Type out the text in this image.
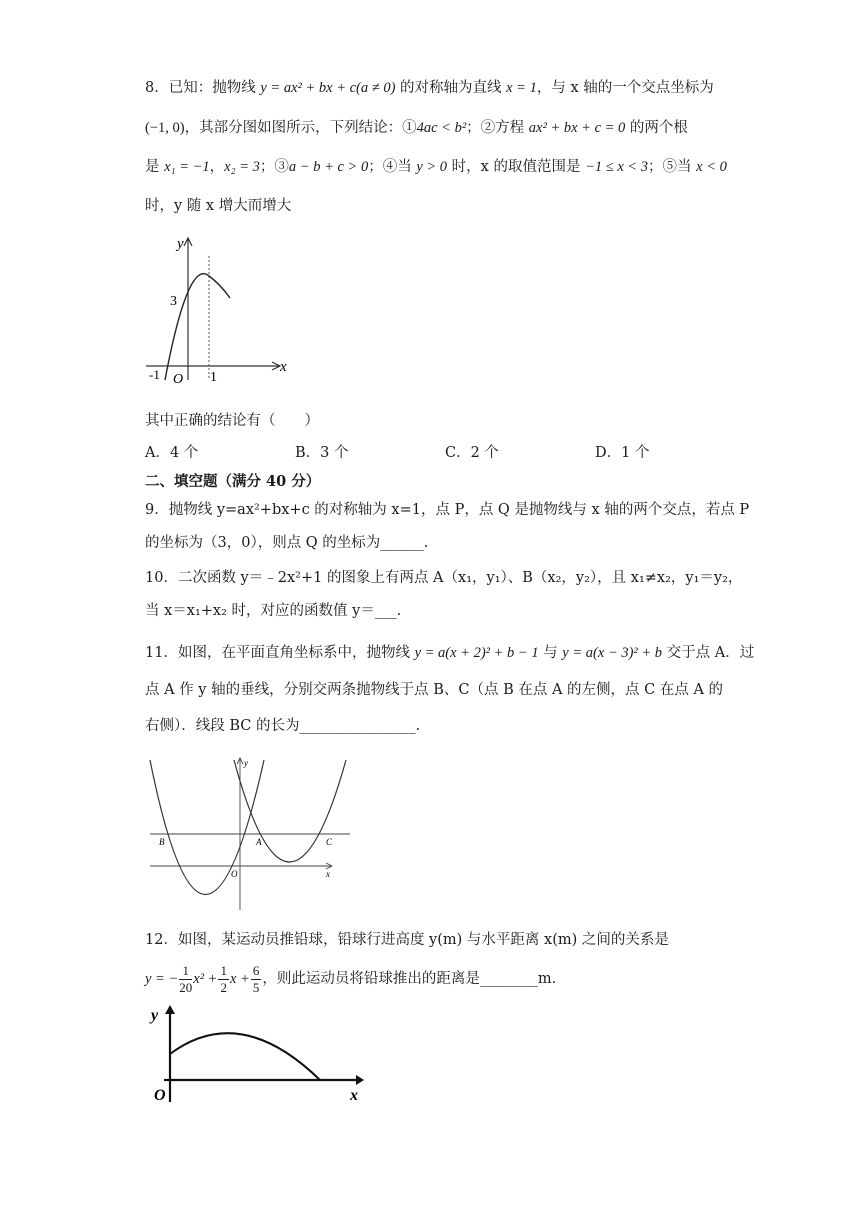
8．已知：抛物线 y = ax² + bx + c(a ≠ 0) 的对称轴为直线 x = 1，与 x 轴的一个交点坐标为
(−1, 0)，其部分图如图所示，下列结论：①4ac < b²；②方程 ax² + bx + c = 0 的两个根
是 x₁ = −1，x₂ = 3；③a − b + c > 0；④当 y > 0 时，x 的取值范围是 −1 ≤ x < 3；⑤当 x < 0
时，y 随 x 增大而增大
y
x
3
-1 O 1
其中正确的结论有（　　）
A．4 个	B．3 个	C．2 个	D．1 个
二、填空题（满分 40 分）
9．抛物线 y=ax²+bx+c 的对称轴为 x=1，点 P，点 Q 是抛物线与 x 轴的两个交点，若点 P
的坐标为（3，0），则点 Q 的坐标为______.
10．二次函数 y＝﹣2x²+1 的图象上有两点 A（x₁，y₁）、B（x₂，y₂），且 x₁≠x₂，y₁＝y₂，
当 x＝x₁+x₂ 时，对应的函数值 y＝___.
11．如图，在平面直角坐标系中，抛物线 y = a(x + 2)² + b − 1 与 y = a(x − 3)² + b 交于点 A．过
点 A 作 y 轴的垂线，分别交两条抛物线于点 B、C（点 B 在点 A 的左侧，点 C 在点 A 的
右侧）．线段 BC 的长为________________.
y
x
B	A	C
O
12．如图，某运动员推铅球，铅球行进高度 y(m) 与水平距离 x(m) 之间的关系是
y = − $\frac{1}{20} x^2 + \frac{1}{2}$ $x + \frac{6}{5}$ ，则此运动员将铅球推出的距离是________m.
y
x
O
